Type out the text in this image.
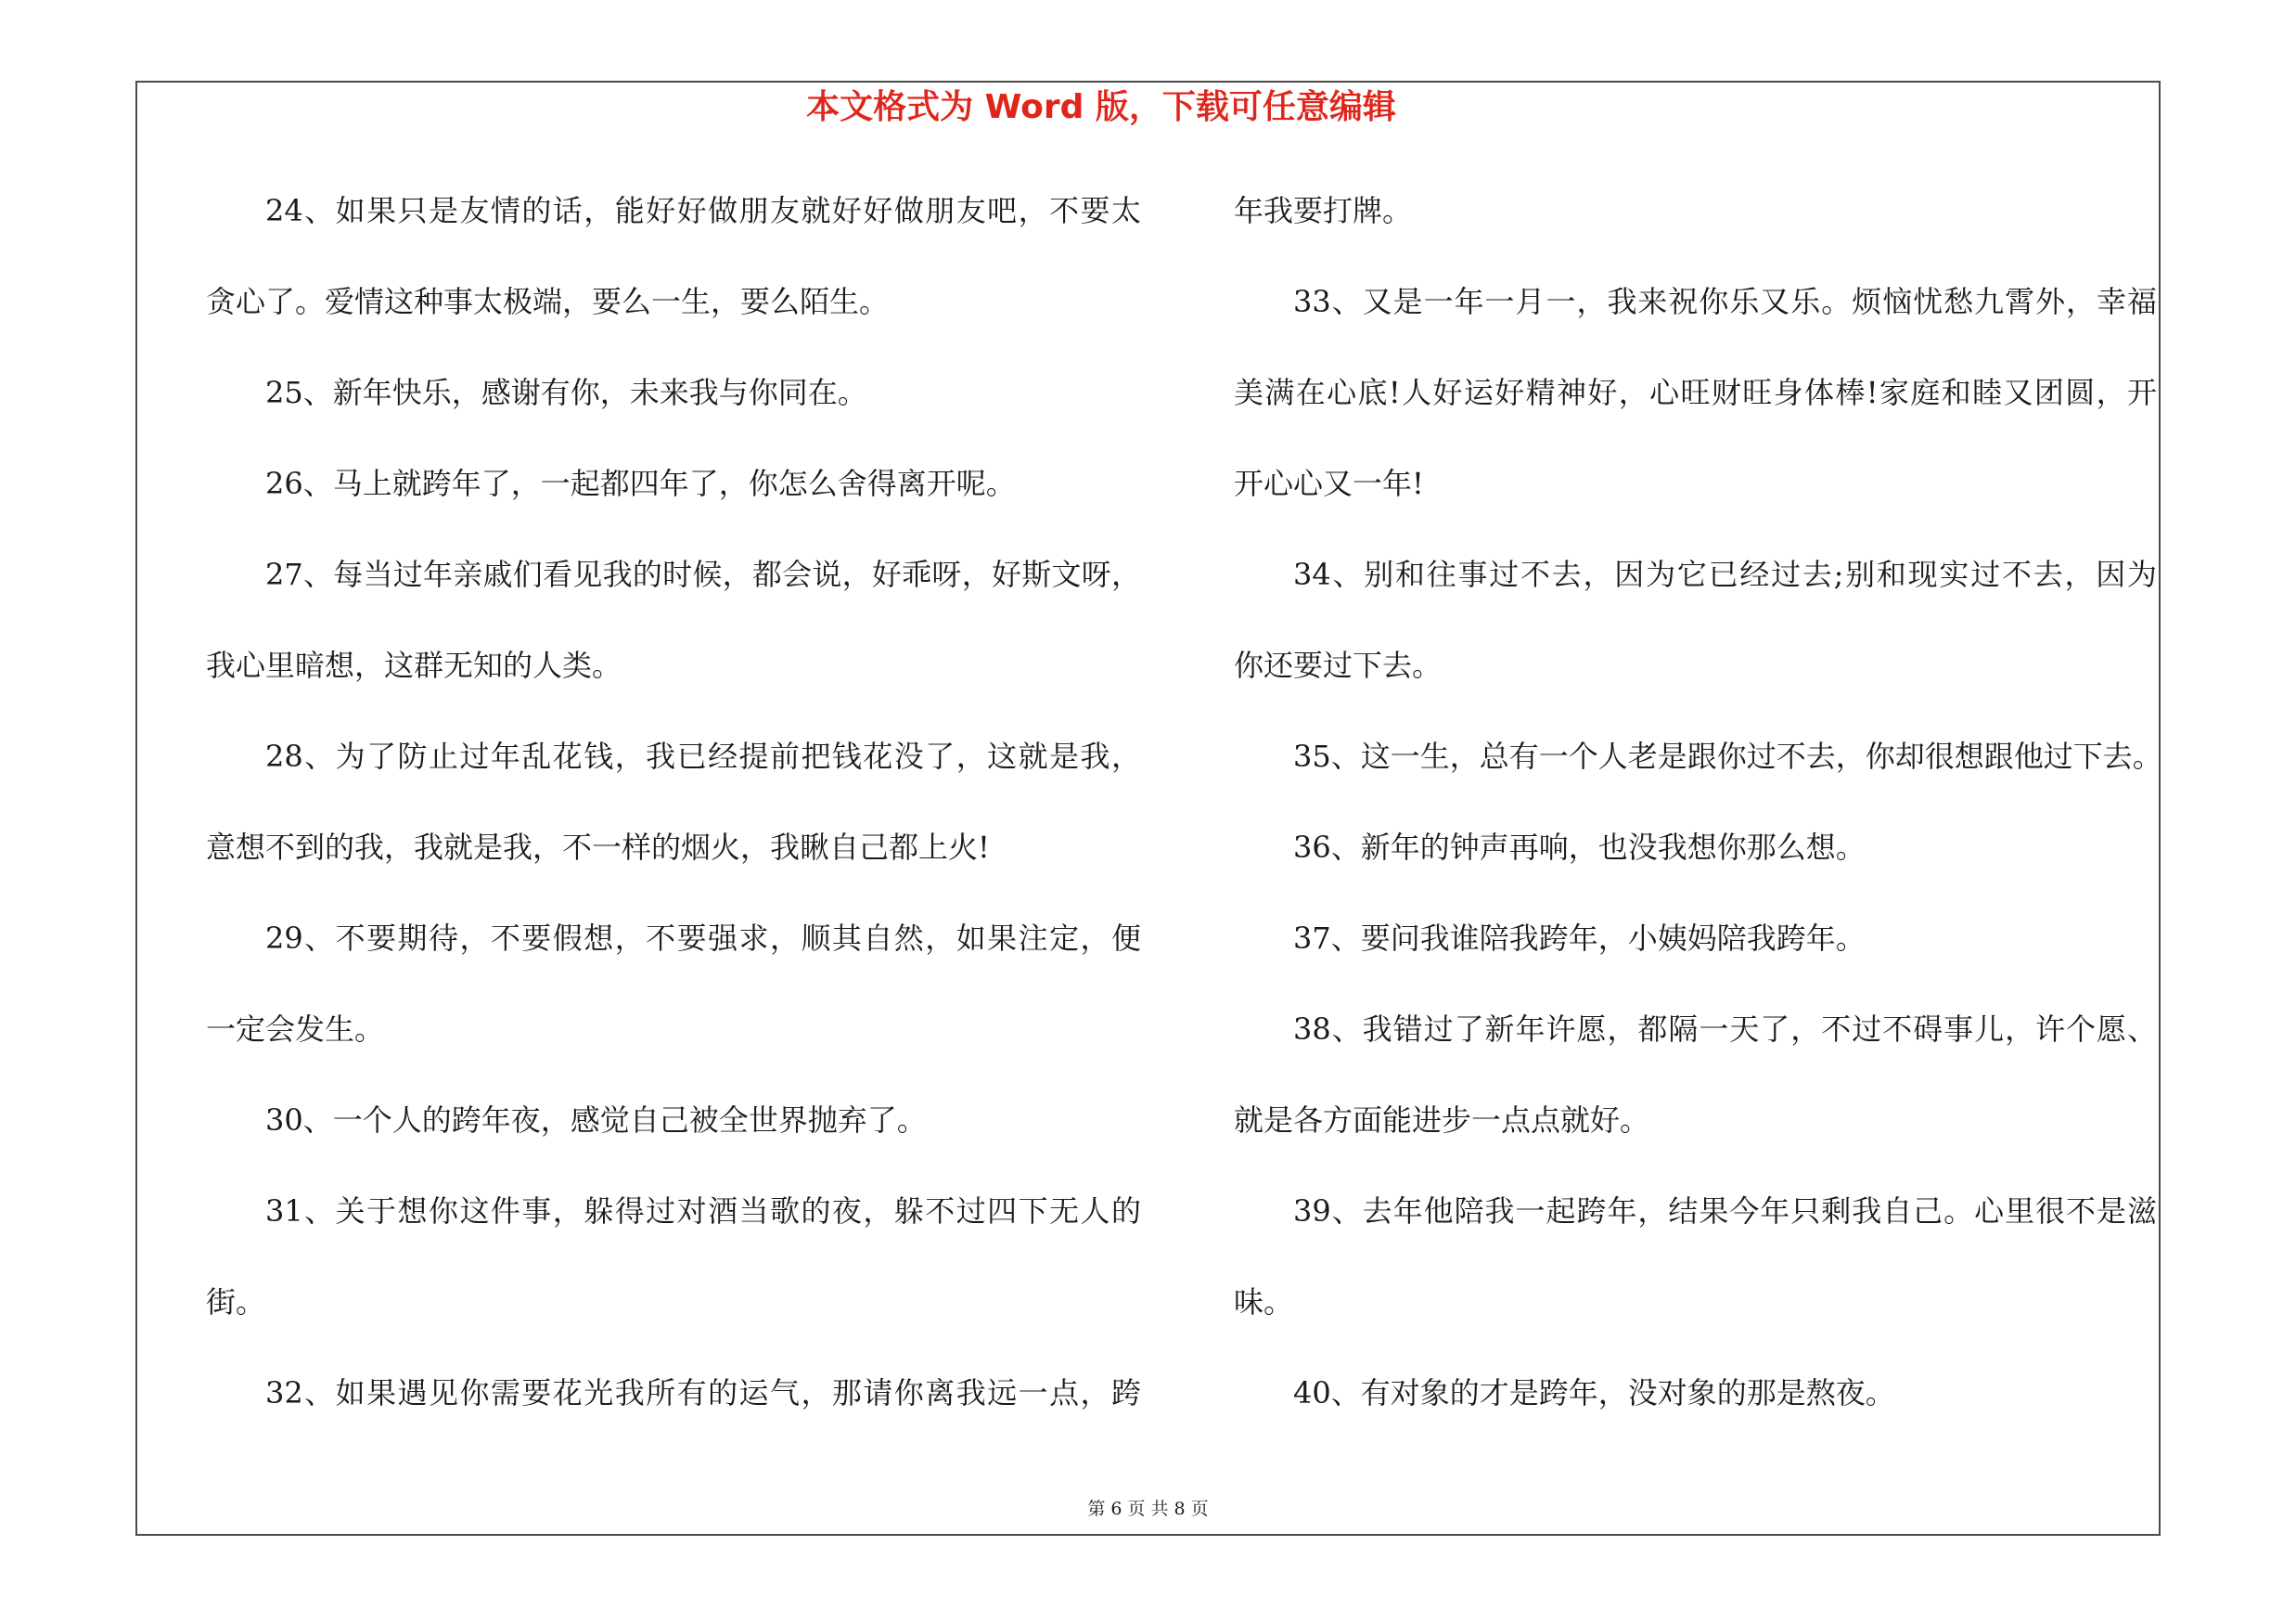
本文格式为 Word 版，下载可任意编辑
24、如果只是友情的话，能好好做朋友就好好做朋友吧，不要太
贪心了。爱情这种事太极端，要么一生，要么陌生。
25、新年快乐，感谢有你，未来我与你同在。
26、马上就跨年了，一起都四年了，你怎么舍得离开呢。
27、每当过年亲戚们看见我的时候，都会说，好乖呀，好斯文呀，
我心里暗想，这群无知的人类。
28、为了防止过年乱花钱，我已经提前把钱花没了，这就是我，
意想不到的我，我就是我，不一样的烟火，我瞅自己都上火!
29、不要期待，不要假想，不要强求，顺其自然，如果注定，便
一定会发生。
30、一个人的跨年夜，感觉自己被全世界抛弃了。
31、关于想你这件事，躲得过对酒当歌的夜，躲不过四下无人的
街。
32、如果遇见你需要花光我所有的运气，那请你离我远一点，跨
年我要打牌。
33、又是一年一月一，我来祝你乐又乐。烦恼忧愁九霄外，幸福
美满在心底!人好运好精神好，心旺财旺身体棒!家庭和睦又团圆，开
开心心又一年!
34、别和往事过不去，因为它已经过去;别和现实过不去，因为
你还要过下去。
35、这一生，总有一个人老是跟你过不去，你却很想跟他过下去。
36、新年的钟声再响，也没我想你那么想。
37、要问我谁陪我跨年，小姨妈陪我跨年。
38、我错过了新年许愿，都隔一天了，不过不碍事儿，许个愿、
就是各方面能进步一点点就好。
39、去年他陪我一起跨年，结果今年只剩我自己。心里很不是滋
味。
40、有对象的才是跨年，没对象的那是熬夜。
第 6 页 共 8 页
